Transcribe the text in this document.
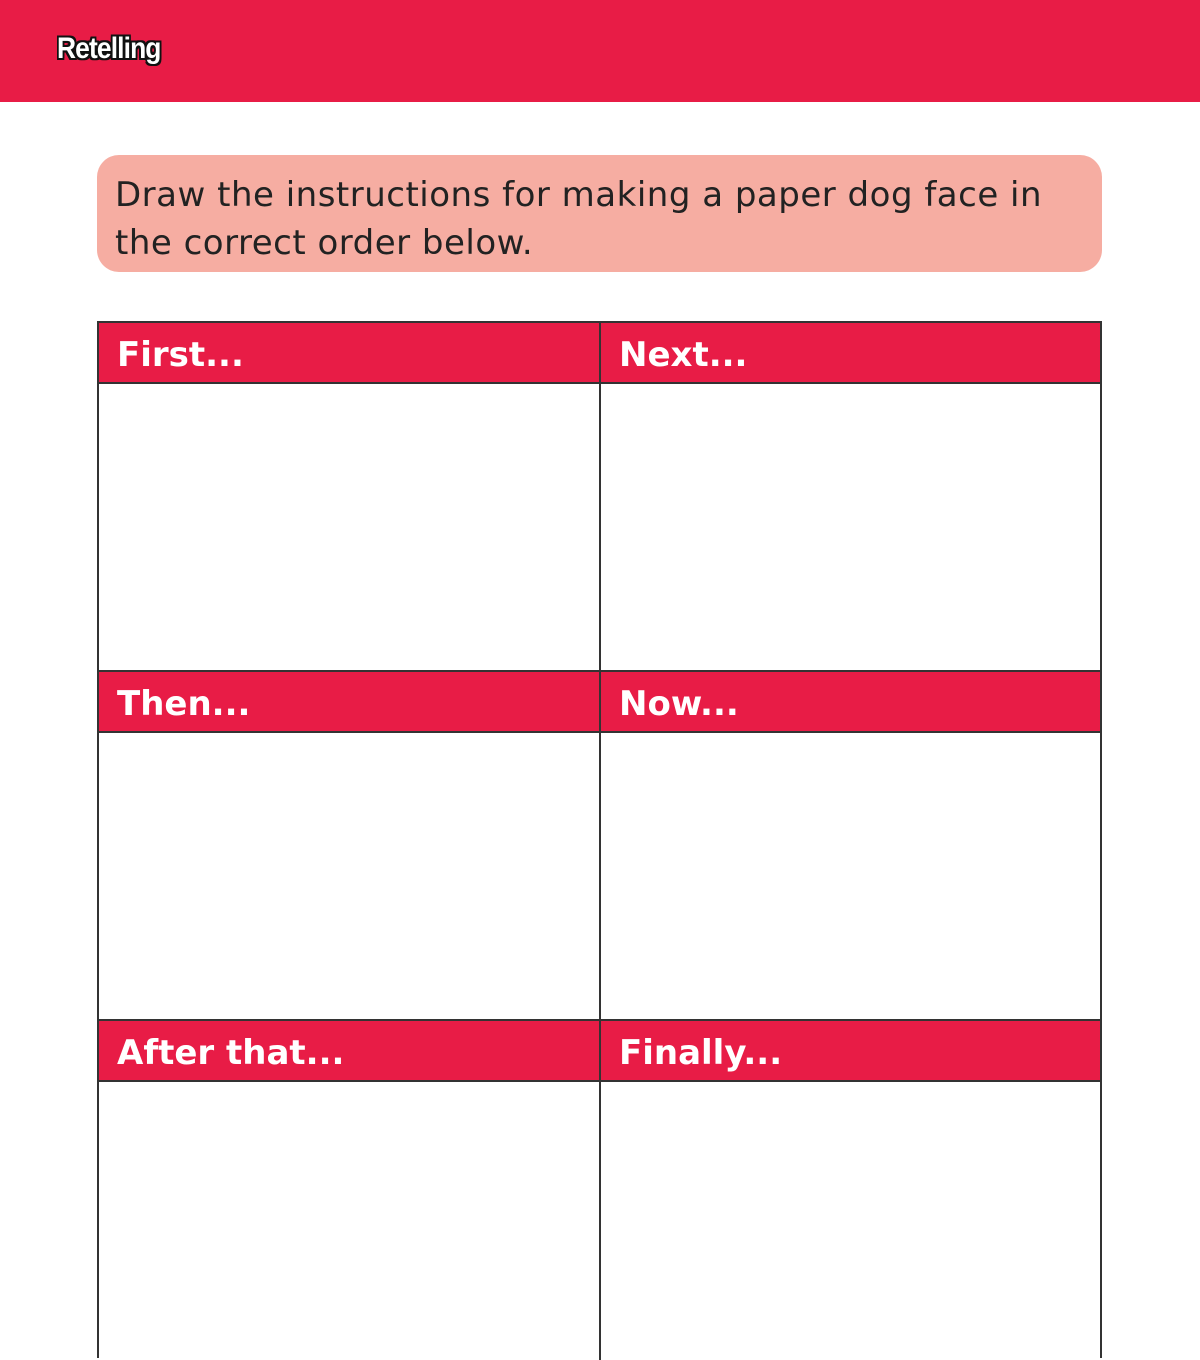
Retelling
Draw the instructions for making a paper dog face in the correct order below.
First...	Next...
Then...	Now...
After that...	Finally...
